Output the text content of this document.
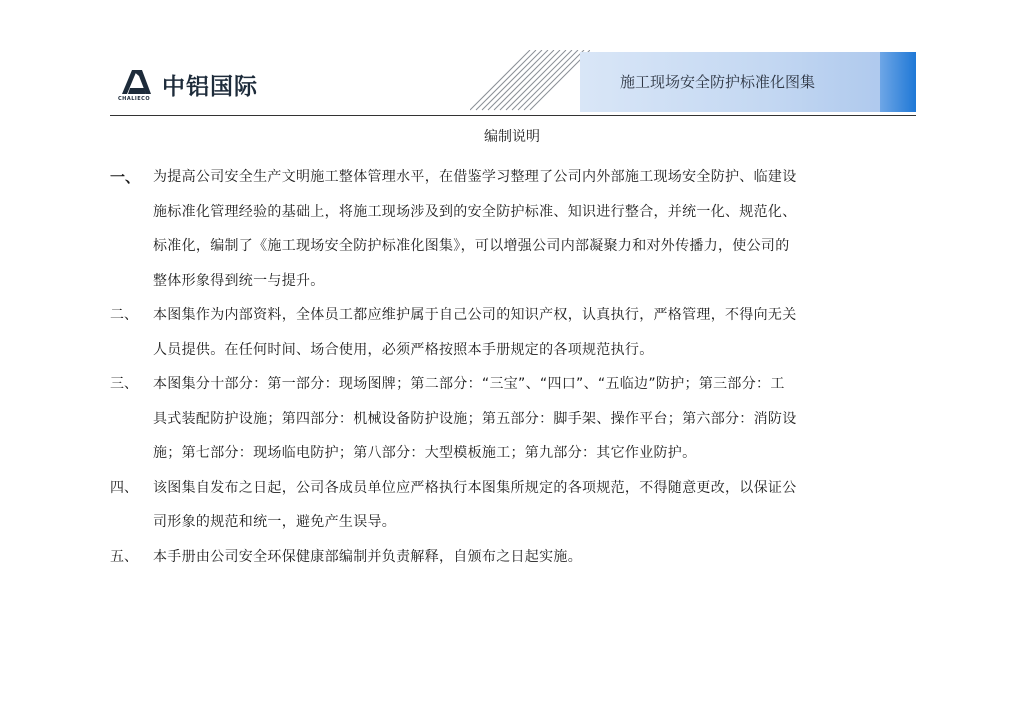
中铝国际
CHALIECO
施工现场安全防护标准化图集
编制说明
一、 为提高公司安全生产文明施工整体管理水平，在借鉴学习整理了公司内外部施工现场安全防护、临建设
施标准化管理经验的基础上，将施工现场涉及到的安全防护标准、知识进行整合，并统一化、规范化、
标准化，编制了《施工现场安全防护标准化图集》，可以增强公司内部凝聚力和对外传播力，使公司的
整体形象得到统一与提升。
二、	本图集作为内部资料，全体员工都应维护属于自己公司的知识产权，认真执行，严格管理，不得向无关
人员提供。在任何时间、场合使用，必须严格按照本手册规定的各项规范执行。
三、	本图集分十部分：第一部分：现场图牌；第二部分：“三宝”、“四口”、“五临边”防护；第三部分：工
具式装配防护设施；第四部分：机械设备防护设施；第五部分：脚手架、操作平台；第六部分：消防设
施；第七部分：现场临电防护；第八部分：大型模板施工；第九部分：其它作业防护。
四、	该图集自发布之日起，公司各成员单位应严格执行本图集所规定的各项规范，不得随意更改，以保证公
司形象的规范和统一，避免产生误导。
五、	本手册由公司安全环保健康部编制并负责解释，自颁布之日起实施。
